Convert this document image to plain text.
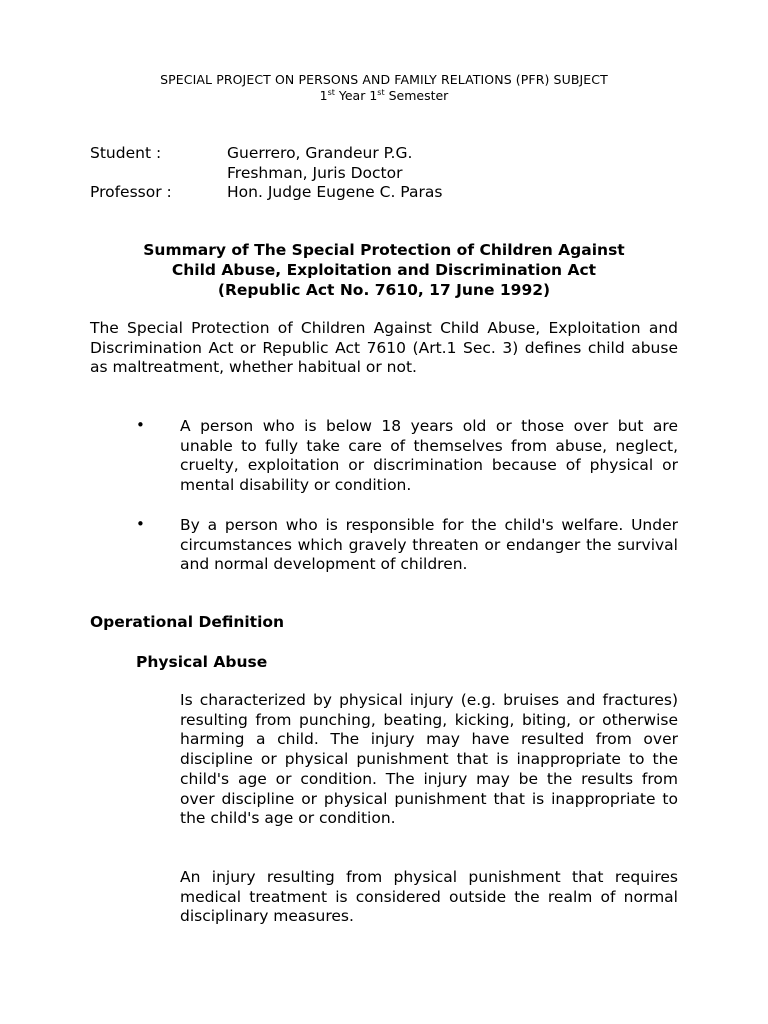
SPECIAL PROJECT ON PERSONS AND FAMILY RELATIONS (PFR) SUBJECT
1st Year 1st Semester
Student :	Guerrero, Grandeur P.G.
Freshman, Juris Doctor
Professor :	Hon. Judge Eugene C. Paras
Summary of The Special Protection of Children Against
Child Abuse, Exploitation and Discrimination Act
(Republic Act No. 7610, 17 June 1992)
The Special Protection of Children Against Child Abuse, Exploitation and Discrimination Act or Republic Act 7610 (Art.1 Sec. 3) defines child abuse as maltreatment, whether habitual or not.
• A person who is below 18 years old or those over but are unable to fully take care of themselves from abuse, neglect, cruelty, exploitation or discrimination because of physical or mental disability or condition.
• By a person who is responsible for the child's welfare. Under circumstances which gravely threaten or endanger the survival and normal development of children.
Operational Definition
Physical Abuse
Is characterized by physical injury (e.g. bruises and fractures) resulting from punching, beating, kicking, biting, or otherwise harming a child. The injury may have resulted from over discipline or physical punishment that is inappropriate to the child's age or condition. The injury may be the results from over discipline or physical punishment that is inappropriate to the child's age or condition.
An injury resulting from physical punishment that requires medical treatment is considered outside the realm of normal disciplinary measures.
